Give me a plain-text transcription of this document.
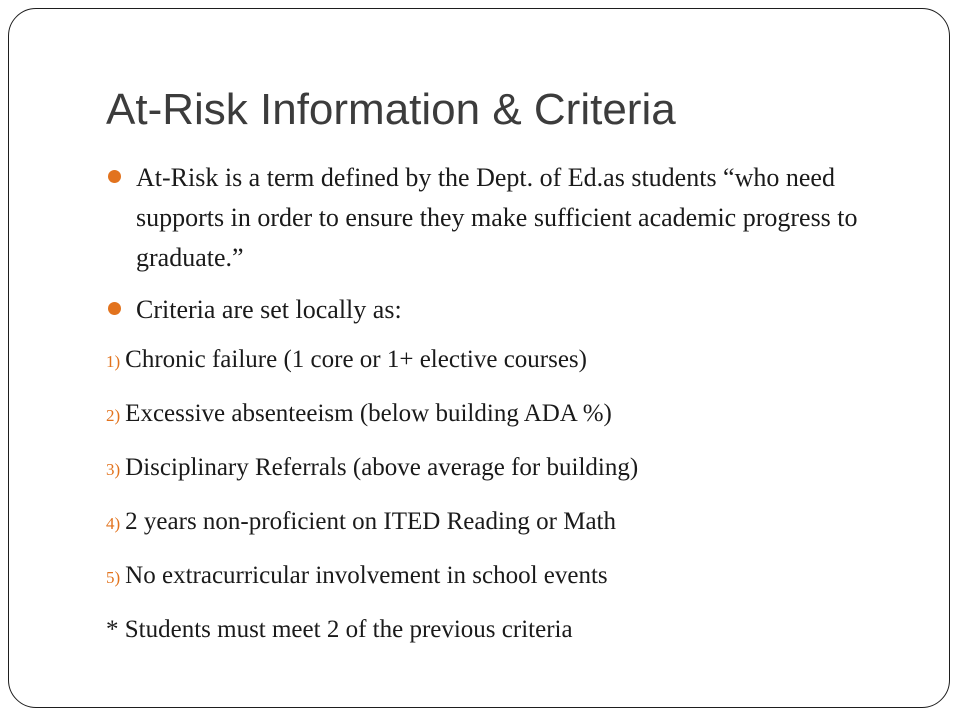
At-Risk Information & Criteria
At-Risk is a term defined by the Dept. of Ed.as students “who need supports in order to ensure they make sufficient academic progress to graduate.”
Criteria are set locally as:
1) Chronic failure (1 core or 1+ elective courses)
2) Excessive absenteeism (below building ADA %)
3) Disciplinary Referrals (above average for building)
4) 2 years non-proficient on ITED Reading or Math
5) No extracurricular involvement in school events

* Students must meet 2 of the previous criteria
